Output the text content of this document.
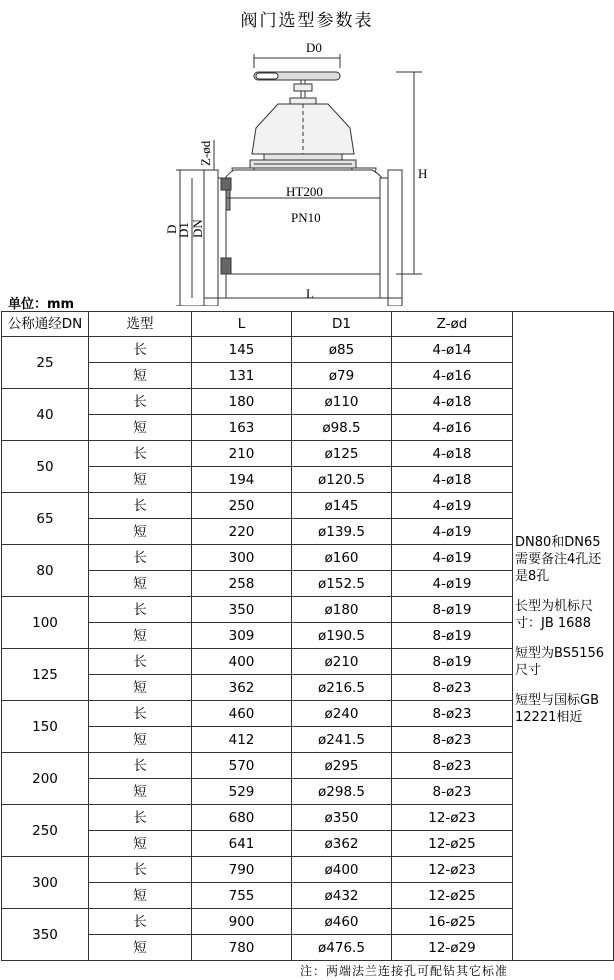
阀门选型参数表
D0
H
Z-ød
D
D1 DN
L
HT200
PN10
单位：mm
公称通经DN	选型	L	D1	Z-ød	DN80和DN65需要备注4孔还是8孔

长型为机标尺寸：JB 1688

短型为BS5156尺寸

短型与国标GB 12221相近

25	长	145	ø85	4-ø14	
	短	131	ø79	4-ø16	
40	长	180	ø110	4-ø18	
	短	163	ø98.5	4-ø16	
50	长	210	ø125	4-ø18	
	短	194	ø120.5	4-ø18	
65	长	250	ø145	4-ø19	
	短	220	ø139.5	4-ø19	
80	长	300	ø160	4-ø19	
	短	258	ø152.5	4-ø19	
100	长	350	ø180	8-ø19	
	短	309	ø190.5	8-ø19	
125	长	400	ø210	8-ø19	
	短	362	ø216.5	8-ø23	
150	长	460	ø240	8-ø23	
	短	412	ø241.5	8-ø23	
200	长	570	ø295	8-ø23	
	短	529	ø298.5	8-ø23	
250	长	680	ø350	12-ø23	
	短	641	ø362	12-ø25	
300	长	790	ø400	12-ø23	
	短	755	ø432	12-ø25	
350	长	900	ø460	16-ø25	
	短	780	ø476.5	12-ø29	
注：两端法兰连接孔可配钻其它标准
